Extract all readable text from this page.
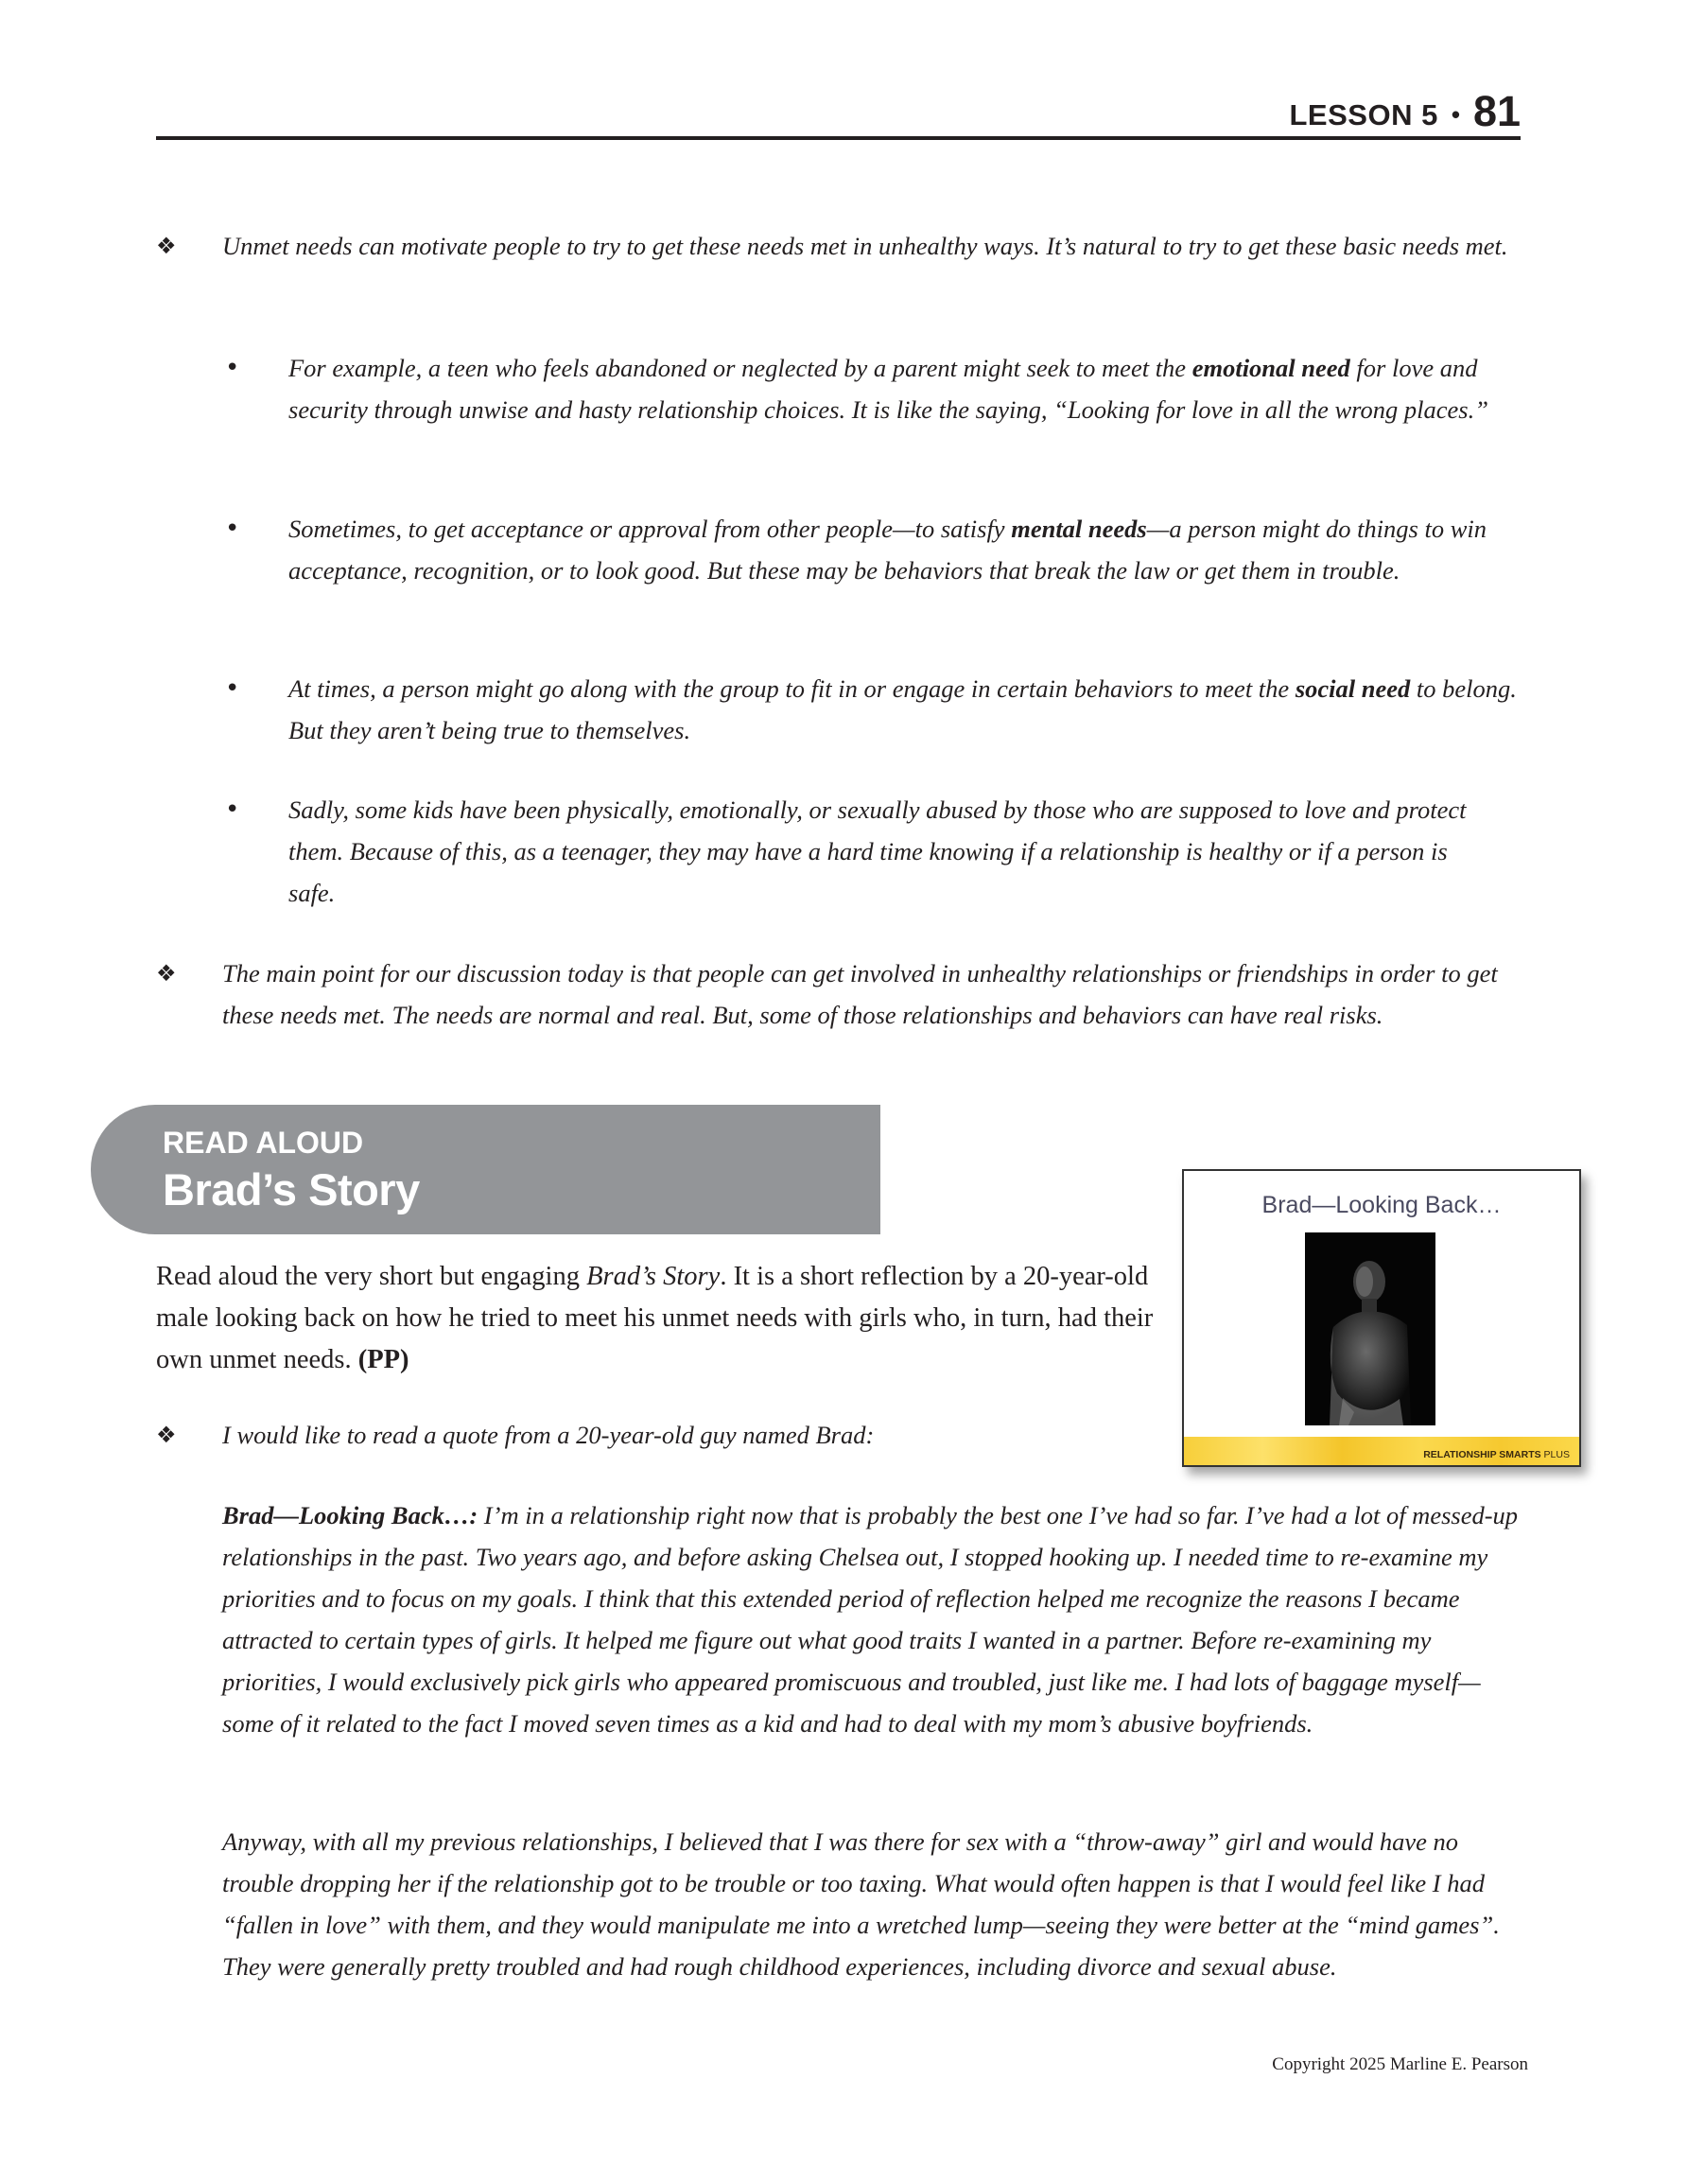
LESSON 5 • 81
❖ Unmet needs can motivate people to try to get these needs met in unhealthy ways. It’s natural to try to get these basic needs met.
• For example, a teen who feels abandoned or neglected by a parent might seek to meet the emotional need for love and security through unwise and hasty relationship choices. It is like the saying, “Looking for love in all the wrong places.”
• Sometimes, to get acceptance or approval from other people—to satisfy mental needs—a person might do things to win acceptance, recognition, or to look good. But these may be behaviors that break the law or get them in trouble.
• At times, a person might go along with the group to fit in or engage in certain behaviors to meet the social need to belong. But they aren’t being true to themselves.
• Sadly, some kids have been physically, emotionally, or sexually abused by those who are supposed to love and protect them. Because of this, as a teenager, they may have a hard time knowing if a relationship is healthy or if a person is safe.
❖ The main point for our discussion today is that people can get involved in unhealthy relationships or friendships in order to get these needs met. The needs are normal and real. But, some of those relationships and behaviors can have real risks.
READ ALOUD
Brad’s Story
Read aloud the very short but engaging Brad’s Story. It is a short reflection by a 20-year-old male looking back on how he tried to meet his unmet needs with girls who, in turn, had their own unmet needs. (PP)
Brad—Looking Back…
RELATIONSHIP SMARTS PLUS
❖ I would like to read a quote from a 20-year-old guy named Brad:
Brad—Looking Back…: I’m in a relationship right now that is probably the best one I’ve had so far. I’ve had a lot of messed-up relationships in the past. Two years ago, and before asking Chelsea out, I stopped hooking up. I needed time to re-examine my priorities and to focus on my goals. I think that this extended period of reflection helped me recognize the reasons I became attracted to certain types of girls. It helped me figure out what good traits I wanted in a partner. Before re-examining my priorities, I would exclusively pick girls who appeared promiscuous and troubled, just like me. I had lots of baggage myself—some of it related to the fact I moved seven times as a kid and had to deal with my mom’s abusive boyfriends.
Anyway, with all my previous relationships, I believed that I was there for sex with a “throw-away” girl and would have no trouble dropping her if the relationship got to be trouble or too taxing. What would often happen is that I would feel like I had “fallen in love” with them, and they would manipulate me into a wretched lump—seeing they were better at the “mind games”. They were generally pretty troubled and had rough childhood experiences, including divorce and sexual abuse.
Copyright 2025 Marline E. Pearson
